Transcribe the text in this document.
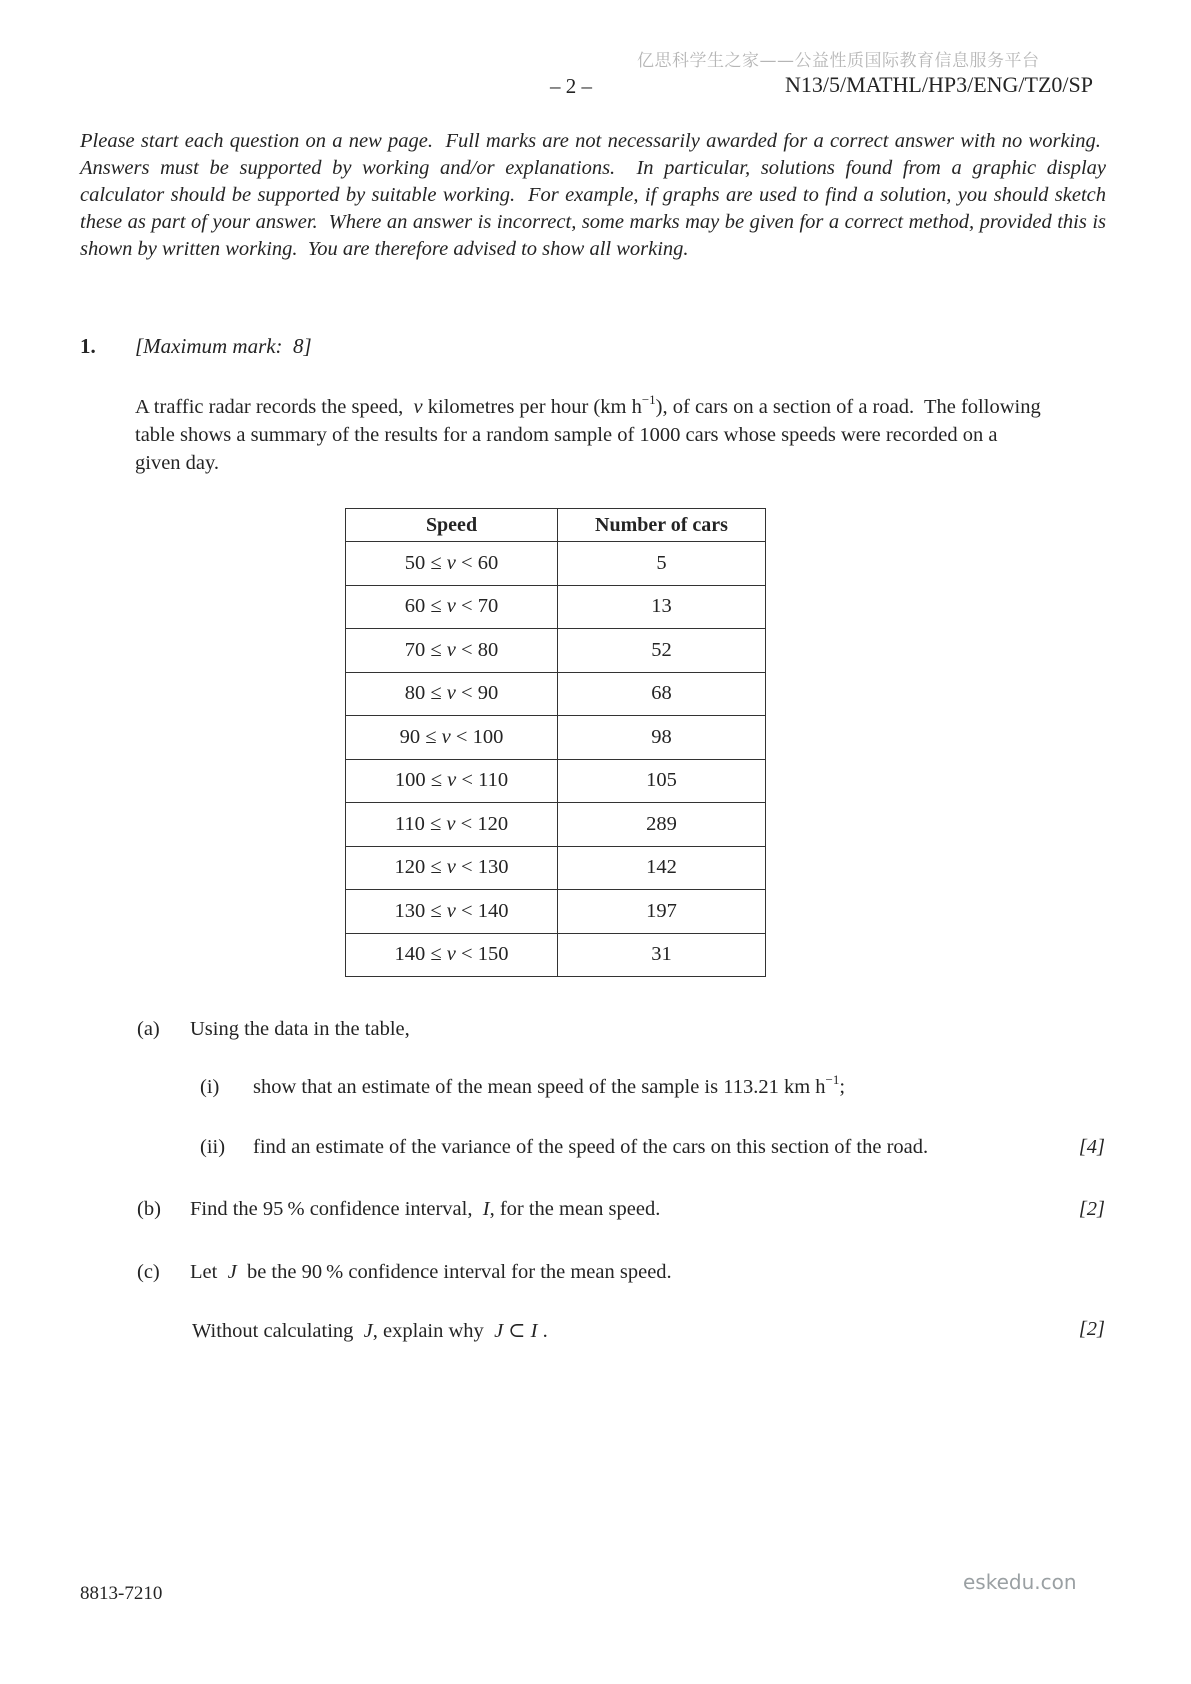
亿思科学生之家——公益性质国际教育信息服务平台
– 2 –	N13/5/MATHL/HP3/ENG/TZ0/SP
Please start each question on a new page.  Full marks are not necessarily awarded for a correct answer with no working.  Answers must be supported by working and/or explanations.  In particular, solutions found from a graphic display calculator should be supported by suitable working.  For example, if graphs are used to find a solution, you should sketch these as part of your answer.  Where an answer is incorrect, some marks may be given for a correct method, provided this is shown by written working.  You are therefore advised to show all working.
1. [Maximum mark:  8]
A traffic radar records the speed,  v kilometres per hour (km $h^{-1}$), of cars on a section of a road.  The following table shows a summary of the results for a random sample of 1000 cars whose speeds were recorded on a given day.
Speed	Number of cars
50 ≤ v < 60	5
60 ≤ v < 70	13
70 ≤ v < 80	52
80 ≤ v < 90	68
90 ≤ v < 100	98
100 ≤ v < 110	105
110 ≤ v < 120	289
120 ≤ v < 130	142
130 ≤ v < 140	197
140 ≤ v < 150	31
(a) Using the data in the table,
(i) show that an estimate of the mean speed of the sample is 113.21 km $h^{-1}$;
(ii) find an estimate of the variance of the speed of the cars on this section of the road.	[4]
(b) Find the 95 % confidence interval,  I, for the mean speed.	[2]
(c) Let  J  be the 90 % confidence interval for the mean speed.
Without calculating  J, explain why  J ⊂ I .	[2]
8813-7210	eskedu.con
